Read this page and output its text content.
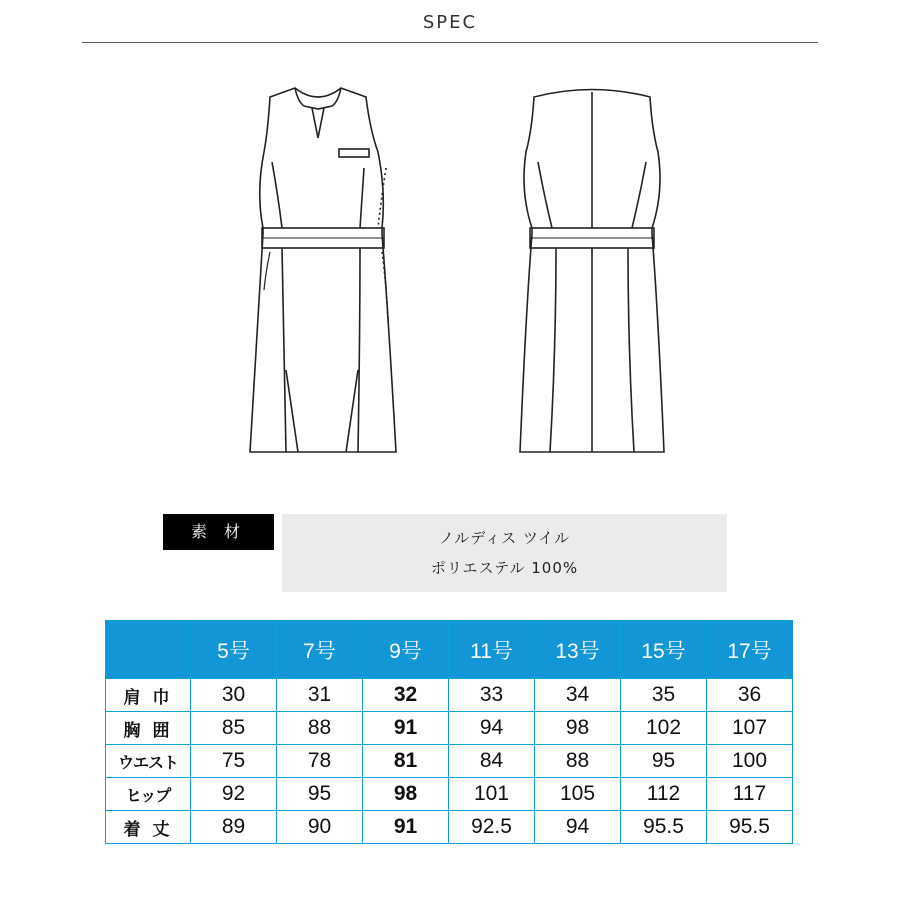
SPEC
素 材	ノルディス ツイル
ポリエステル 100%
	5号	7号	9号	11号	13号	15号	17号
肩 巾	30	31	32	33	34	35	36
胸 囲	85	88	91	94	98	102	107
ウエスト	75	78	81	84	88	95	100
ヒップ	92	95	98	101	105	112	117
着 丈	89	90	91	92.5	94	95.5	95.5
